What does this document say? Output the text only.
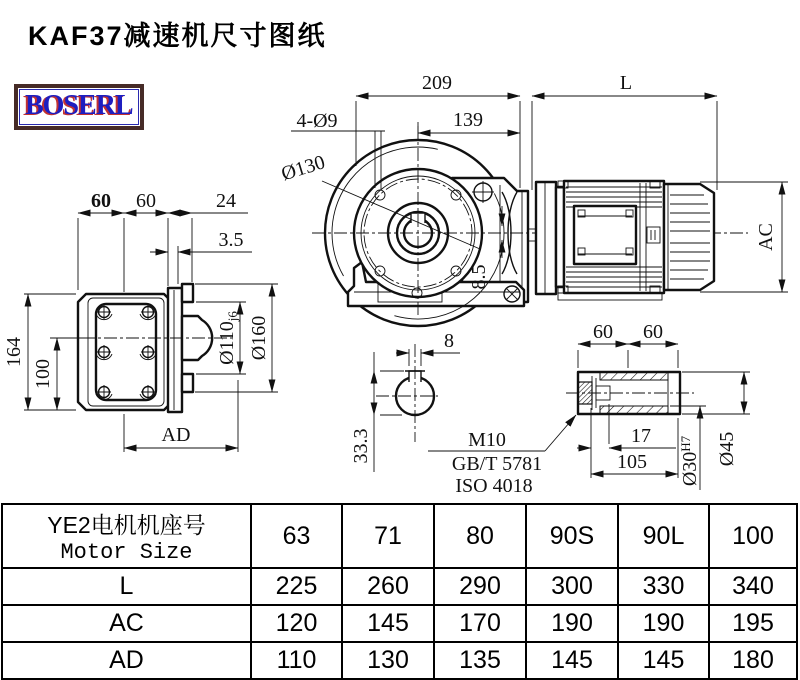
KAF37减速机尺寸图纸
BOSERL
60 60	24
3.5
164
100
AD
$Ø110_{j6}$ Ø160
4-Ø9
Ø130
8.5
209
139
L
AC
8
33.3
60 60
17
105 $Ø30^{H7}$	Ø45
M10
GB/T 5781
ISO 4018
YE2电机机座号
Motor Size	63	71	80	90S	90L	100
L	225	260	290	300	330	340
AC	120	145	170	190	190	195
AD	110	130	135	145	145	180
